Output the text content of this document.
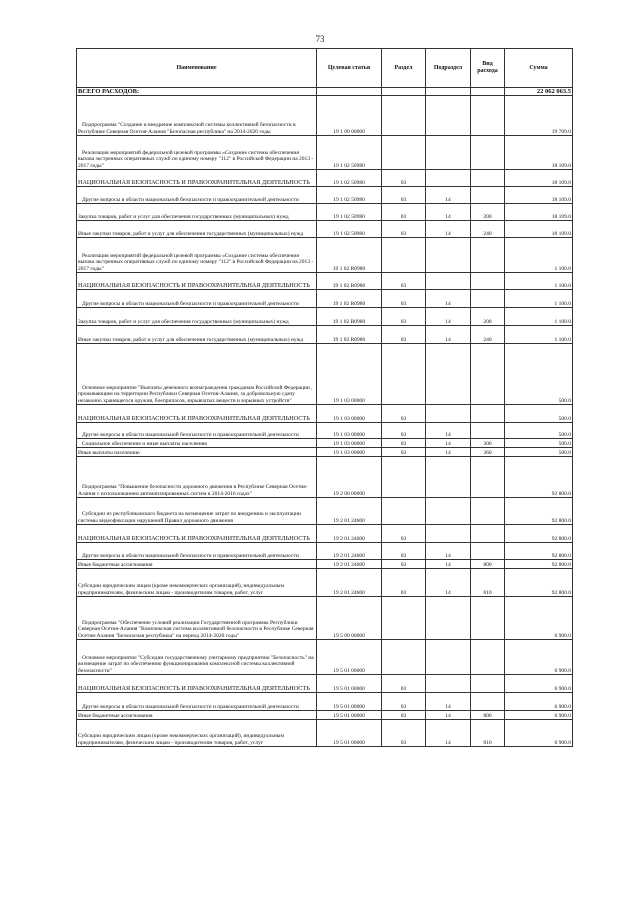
73
Наименование	Целевая статья	Раздел	Подраздел	Вид расхода	Сумма
ВСЕГО РАСХОДОВ:					22 062 063.5
Подпрограмма "Создание и внедрение комплексной системы коллективной безопасности в Республике Северная Осетия-Алания "Безопасная республика" на 2014-2020 годы	19 1 00 00000				19 709.0
Реализация мероприятий федеральной целевой программы «Создание системы обеспечения вызова экстренных оперативных служб по единому номеру "112" в Российской Федерации на 2013 - 2017 годы"	19 1 02 50980				18 109.0
НАЦИОНАЛЬНАЯ БЕЗОПАСНОСТЬ И ПРАВООХРАНИТЕЛЬНАЯ ДЕЯТЕЛЬНОСТЬ	19 1 02 50980	03			18 109.0
Другие вопросы в области национальной безопасности и правоохранительной деятельности	19 1 02 50980	03	14		18 109.0
Закупка товаров, работ и услуг для обеспечения государственных (муниципальных) нужд	19 1 02 50980	03	14	200	18 109.0
Иные закупки товаров, работ и услуг для обеспечения государственных (муниципальных) нужд	19 1 02 50980	03	14	240	18 109.0
Реализация мероприятий федеральной целевой программы «Создание системы обеспечения вызова экстренных оперативных служб по единому номеру "112" в Российской Федерации на 2013 - 2017 годы"	19 1 02 R0980				1 100.0
НАЦИОНАЛЬНАЯ БЕЗОПАСНОСТЬ И ПРАВООХРАНИТЕЛЬНАЯ ДЕЯТЕЛЬНОСТЬ	19 1 02 R0980	03			1 100.0
Другие вопросы в области национальной безопасности и правоохранительной деятельности	19 1 02 R0980	03	14		1 100.0
Закупка товаров, работ и услуг для обеспечения государственных (муниципальных) нужд	19 1 02 R0980	03	14	200	1 100.0
Иные закупки товаров, работ и услуг для обеспечения государственных (муниципальных) нужд	19 1 02 R0980	03	14	240	1 100.0
Основное мероприятие "Выплаты денежного вознаграждения гражданам Российской Федерации , проживающим на территории Республики Северная Осетия-Алания, за добровольную сдачу незаконно хранящегося оружия, боеприпасов, взрывчатых веществ и взрывных устройств"	19 1 03 00000				500.0
НАЦИОНАЛЬНАЯ БЕЗОПАСНОСТЬ И ПРАВООХРАНИТЕЛЬНАЯ ДЕЯТЕЛЬНОСТЬ	19 1 03 00000	03			500.0
Другие вопросы в области национальной безопасности и правоохранительной деятельности	19 1 03 00000	03	14		500.0
Социальное обеспечение и иные выплаты населению	19 1 03 00000	03	14	300	500.0
Иные выплаты населению	19 1 03 00000	03	14	360	500.0
Подпрограмма "Повышение безопасности дорожного движения в Республике Северная Осетия-Алания с использованием автоматизированных систем в 2014-2016 годах"	19 2 00 00000				92 800.0
Субсидии из республиканского бюджета на возмещение затрат по внедрению и эксплуатации системы видеофиксации нарушений Правил дорожного движения	19 2 01 24600				92 800.0
НАЦИОНАЛЬНАЯ БЕЗОПАСНОСТЬ И ПРАВООХРАНИТЕЛЬНАЯ ДЕЯТЕЛЬНОСТЬ	19 2 01 24600	03			92 800.0
Другие вопросы в области национальной безопасности и правоохранительной деятельности	19 2 01 24600	03	14		92 800.0
Иные бюджетные ассигнования	19 2 01 24600	03	14	800	92 800.0
Субсидии юридическим лицам (кроме некоммерческих организаций), индивидуальным предпринимателям, физическим лицам - производителям товаров, работ, услуг	19 2 01 24600	03	14	810	92 800.0
Подпрограмма "Обеспечение условий реализации Государственной программы Республики Северная Осетия-Алания "Комплексная система коллективной безопасности в Республике Северная Осетия-Алания "Безопасная республика" на период 2014-2020 годы"	19 5 00 00000				6 900.0
Основное мероприятие "Субсидии государственному унитарному предприятию "Безопасность" на возмещение затрат по обеспечению функционирования комплексной системы коллективной безопасности"	19 5 01 00000				6 900.0
НАЦИОНАЛЬНАЯ БЕЗОПАСНОСТЬ И ПРАВООХРАНИТЕЛЬНАЯ ДЕЯТЕЛЬНОСТЬ	19 5 01 00000	03			6 900.0
Другие вопросы в области национальной безопасности и правоохранительной деятельности	19 5 01 00000	03	14		6 900.0
Иные бюджетные ассигнования	19 5 01 00000	03	14	800	6 900.0
Субсидии юридическим лицам (кроме некоммерческих организаций), индивидуальным предпринимателям, физическим лицам - производителям товаров, работ, услуг	19 5 01 00000	03	14	810	6 900.0
